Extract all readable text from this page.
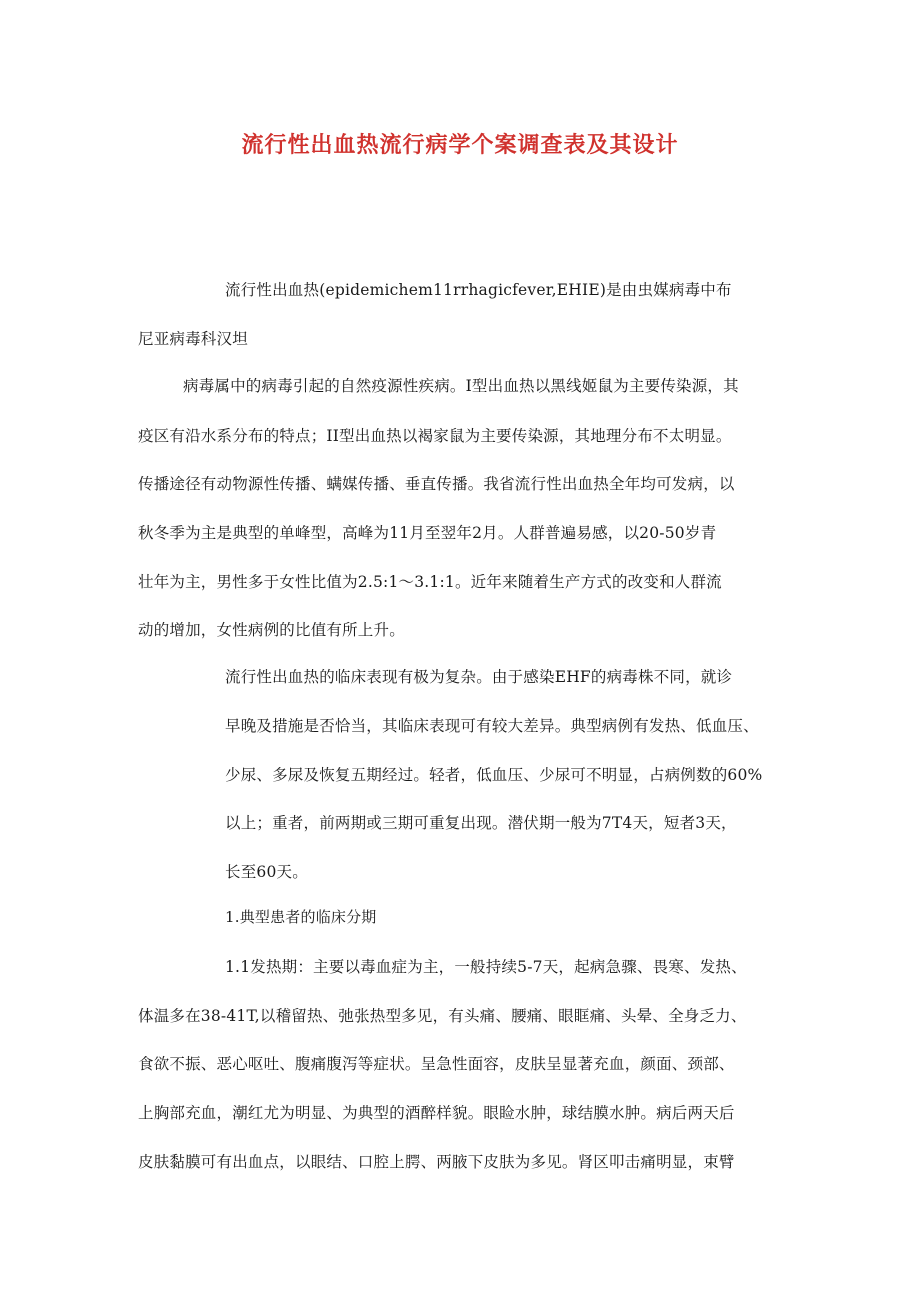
流行性出血热流行病学个案调查表及其设计

流行性出血热(epidemichem11rrhagicfever,EHIE)是由虫媒病毒中布

尼亚病毒科汉坦

病毒属中的病毒引起的自然疫源性疾病。I型出血热以黑线姬鼠为主要传染源，其

疫区有沿水系分布的特点；II型出血热以褐家鼠为主要传染源，其地理分布不太明显。

传播途径有动物源性传播、螨媒传播、垂直传播。我省流行性出血热全年均可发病，以

秋冬季为主是典型的单峰型，高峰为11月至翌年2月。人群普遍易感，以20-50岁青

壮年为主，男性多于女性比值为2.5:1～3.1:1。近年来随着生产方式的改变和人群流

动的增加，女性病例的比值有所上升。

流行性出血热的临床表现有极为复杂。由于感染EHF的病毒株不同，就诊

早晚及措施是否恰当，其临床表现可有较大差异。典型病例有发热、低血压、

少尿、多尿及恢复五期经过。轻者，低血压、少尿可不明显，占病例数的60%

以上；重者，前两期或三期可重复出现。潜伏期一般为7T4天，短者3天，

长至60天。

1.典型患者的临床分期

1.1发热期：主要以毒血症为主，一般持续5-7天，起病急骤、畏寒、发热、

体温多在38-41T,以稽留热、弛张热型多见，有头痛、腰痛、眼眶痛、头晕、全身乏力、

食欲不振、恶心呕吐、腹痛腹泻等症状。呈急性面容，皮肤呈显著充血，颜面、颈部、

上胸部充血，潮红尤为明显、为典型的酒醉样貌。眼睑水肿，球结膜水肿。病后两天后

皮肤黏膜可有出血点，以眼结、口腔上腭、两腋下皮肤为多见。肾区叩击痛明显，束臂
